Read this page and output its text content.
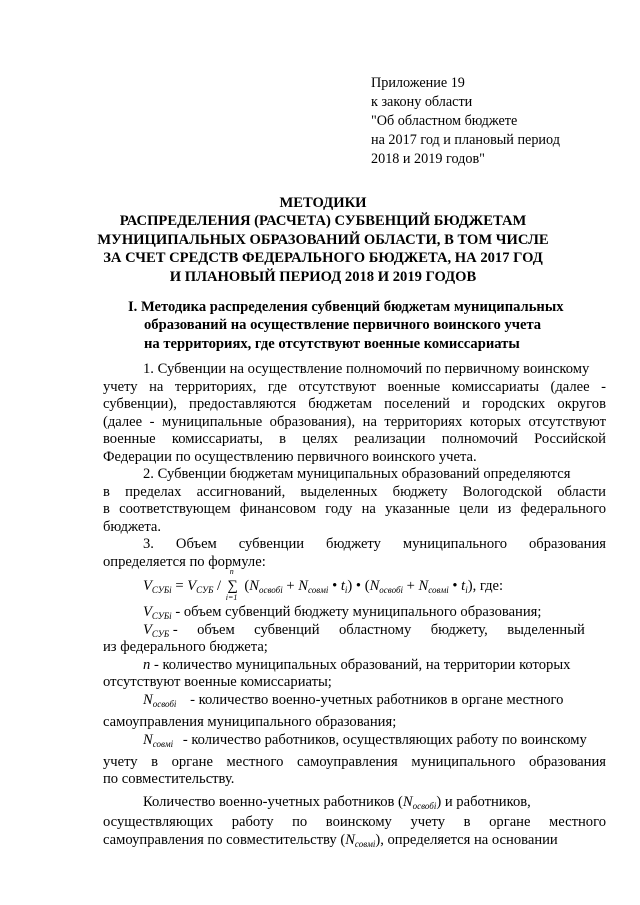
Приложение 19
к закону области
"Об областном бюджете
на 2017 год и плановый период
2018 и 2019 годов"
МЕТОДИКИ
РАСПРЕДЕЛЕНИЯ (РАСЧЕТА) СУБВЕНЦИЙ БЮДЖЕТАМ
МУНИЦИПАЛЬНЫХ ОБРАЗОВАНИЙ ОБЛАСТИ, В ТОМ ЧИСЛЕ
ЗА СЧЕТ СРЕДСТВ ФЕДЕРАЛЬНОГО БЮДЖЕТА, НА 2017 ГОД
И ПЛАНОВЫЙ ПЕРИОД 2018 И 2019 ГОДОВ
I. Методика распределения субвенций бюджетам муниципальных
образований на осуществление первичного воинского учета
на территориях, где отсутствуют военные комиссариаты
1. Субвенции на осуществление полномочий по первичному воинскому
учету на территориях, где отсутствуют военные комиссариаты (далее -
субвенции), предоставляются бюджетам поселений и городских округов
(далее - муниципальные образования), на территориях которых отсутствуют
военные комиссариаты, в целях реализации полномочий Российской
Федерации по осуществлению первичного воинского учета.
2. Субвенции бюджетам муниципальных образований определяются
в пределах ассигнований, выделенных бюджету Вологодской области
в соответствующем финансовом году на указанные цели из федерального
бюджета.
3. Объем субвенции бюджету муниципального образования
определяется по формуле:
$V_{СУБi} = V_{СУБ}$ / ∑
n
i=1
($N_{освобi} + N_{совмi}$ • $t_i$) • ($N_{освобi} + N_{совмi}$ • $t_i$), где:
$V_{СУБi}$ - объем субвенций бюджету муниципального образования;
$V_{СУБ}$ - объем субвенций областному бюджету, выделенный
из федерального бюджета;
n - количество муниципальных образований, на территории которых
отсутствуют военные комиссариаты;
$N_{освобi}$ - количество военно-учетных работников в органе местного
самоуправления муниципального образования;
$N_{совмi}$ - количество работников, осуществляющих работу по воинскому
учету в органе местного самоуправления муниципального образования
по совместительству.
Количество военно-учетных работников $(N_{освобi})$ и работников,
осуществляющих работу по воинскому учету в органе местного
самоуправления по совместительству $(N_{совмi})$, определяется на основании
